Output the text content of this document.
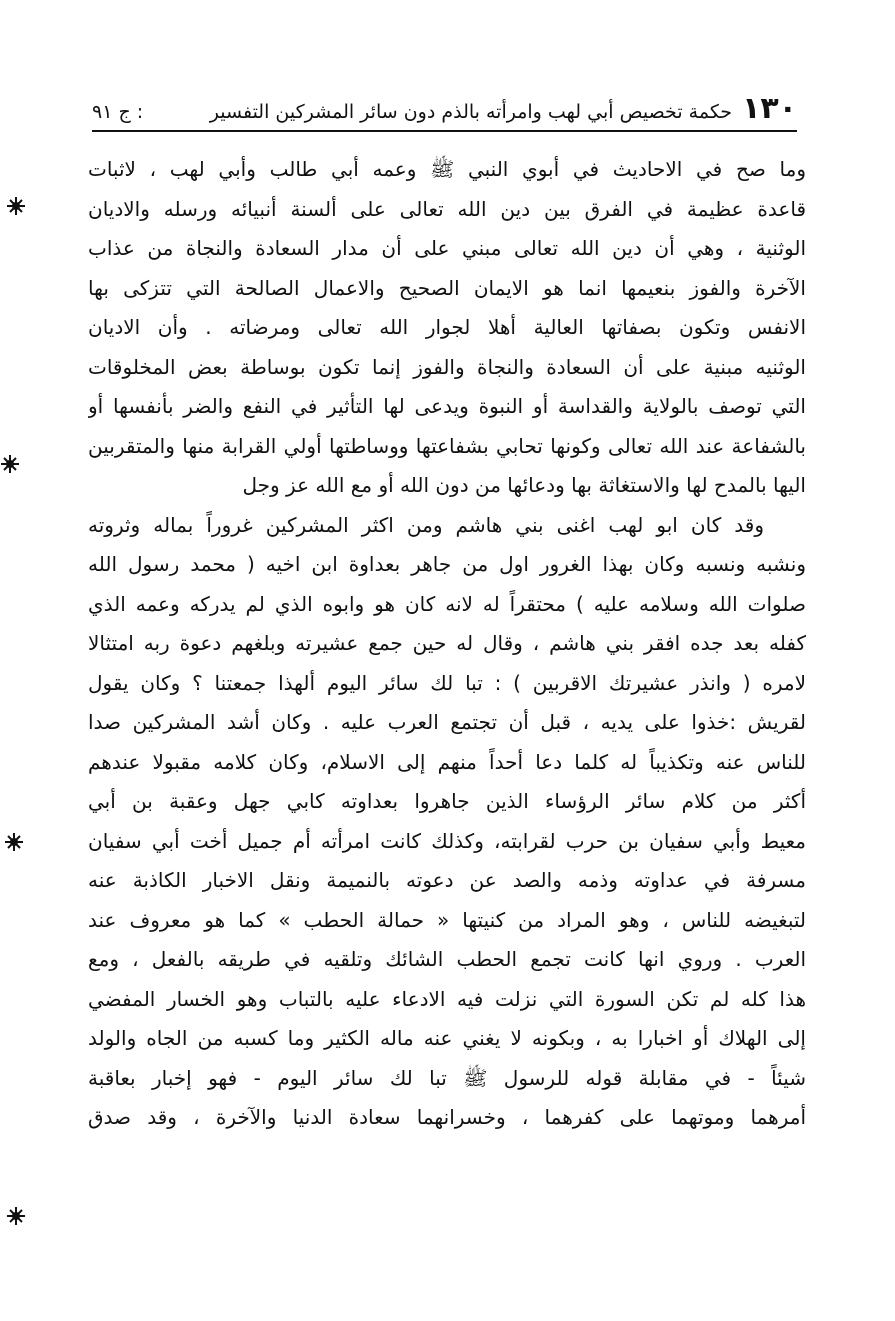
١٣٠
حكمة تخصيص أبي لهب وامرأته بالذم دون سائر المشركين التفسير
: ج ٩١
وما صح في الاحاديث في أبوي النبي ﷺ وعمه أبي طالب وأبي لهب ، لاثبات
قاعدة عظيمة في الفرق بين دين الله تعالى على ألسنة أنبيائه ورسله والاديان
الوثنية ، وهي أن دين الله تعالى مبني على أن مدار السعادة والنجاة من عذاب
الآخرة والفوز بنعيمها انما هو الايمان الصحيح والاعمال الصالحة التي تتزكى بها
الانفس وتكون بصفاتها العالية أهلا لجوار الله تعالى ومرضاته . وأن الاديان
الوثنيه مبنية على أن السعادة والنجاة والفوز إنما تكون بوساطة بعض المخلوقات
التي توصف بالولاية والقداسة أو النبوة ويدعى لها التأثير في النفع والضر بأنفسها أو
بالشفاعة عند الله تعالى وكونها تحابي بشفاعتها ووساطتها أولي القرابة منها والمتقربين
اليها بالمدح لها والاستغاثة بها ودعائها من دون الله أو مع الله عز وجل
وقد كان ابو لهب اغنى بني هاشم ومن اكثر المشركين غروراً بماله وثروته
ونشبه ونسبه وكان بهذا الغرور اول من جاهر بعداوة ابن اخيه ( محمد رسول الله
صلوات الله وسلامه عليه ) محتقراً له لانه كان هو وابوه الذي لم يدركه وعمه الذي
كفله بعد جده افقر بني هاشم ، وقال له حين جمع عشيرته وبلغهم دعوة ربه امتثالا
لامره ( وانذر عشيرتك الاقربين ) : تبا لك سائر اليوم ألهذا جمعتنا ؟ وكان يقول
لقريش :خذوا على يديه ، قبل أن تجتمع العرب عليه . وكان أشد المشركين صدا
للناس عنه وتكذيباً له كلما دعا أحداً منهم إلى الاسلام، وكان كلامه مقبولا عندهم
أكثر من كلام سائر الرؤساء الذين جاهروا بعداوته كابي جهل وعقبة بن أبي
معيط وأبي سفيان بن حرب لقرابته، وكذلك كانت امرأته أم جميل أخت أبي سفيان
مسرفة في عداوته وذمه والصد عن دعوته بالنميمة ونقل الاخبار الكاذبة عنه
لتبغيضه للناس ، وهو المراد من كنيتها « حمالة الحطب » كما هو معروف عند
العرب . وروي انها كانت تجمع الحطب الشائك وتلقيه في طريقه بالفعل ، ومع
هذا كله لم تكن السورة التي نزلت فيه الادعاء عليه بالتباب وهو الخسار المفضي
إلى الهلاك أو اخبارا به ، وبكونه لا يغني عنه ماله الكثير وما كسبه من الجاه والولد
شيئاً - في مقابلة قوله للرسول ﷺ تبا لك سائر اليوم - فهو إخبار بعاقبة
أمرهما وموتهما على كفرهما ، وخسرانهما سعادة الدنيا والآخرة ، وقد صدق
